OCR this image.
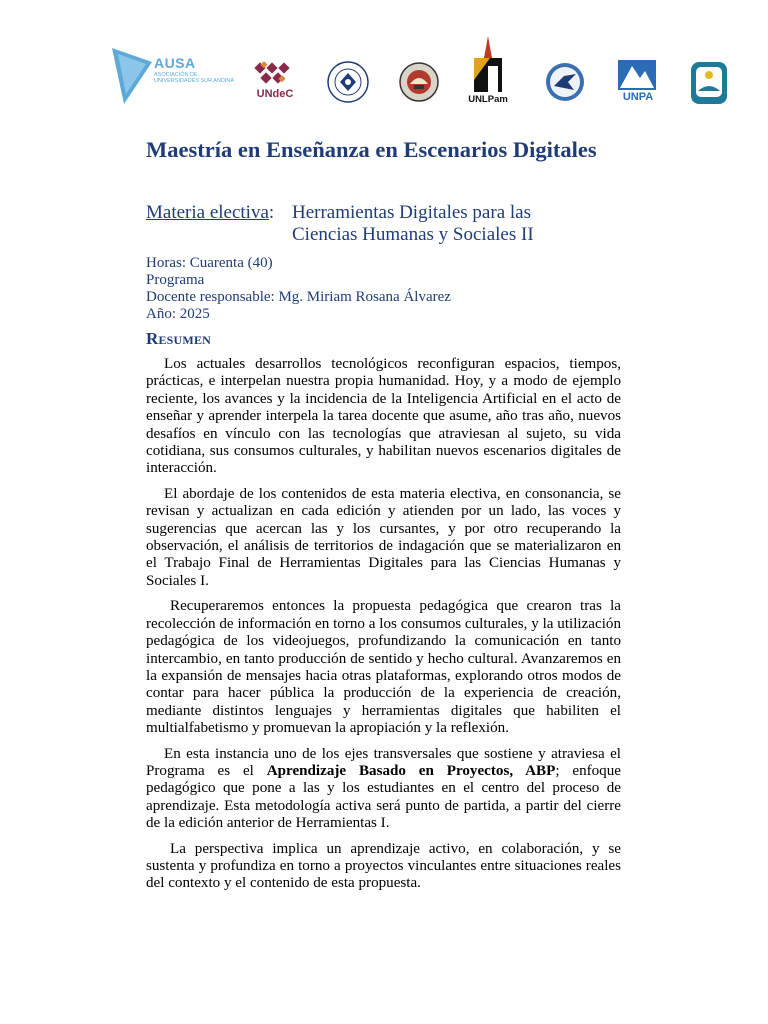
AUSA
ASOCIACIÓN DE UNIVERSIDADES SUR ANDINA
UNdeC	UNLPam	UNPA
Maestría en Enseñanza en Escenarios Digitales
Materia electiva: Herramientas Digitales para las Ciencias Humanas y Sociales II
Horas: Cuarenta (40)
Programa
Docente responsable: Mg. Miriam Rosana Álvarez
Año: 2025
Resumen

Los actuales desarrollos tecnológicos reconfiguran espacios, tiempos, prácticas, e interpelan nuestra propia humanidad. Hoy, y a modo de ejemplo reciente, los avances y la incidencia de la Inteligencia Artificial en el acto de enseñar y aprender interpela la tarea docente que asume, año tras año, nuevos desafíos en vínculo con las tecnologías que atraviesan al sujeto, su vida cotidiana, sus consumos culturales, y habilitan nuevos escenarios digitales de interacción.

El abordaje de los contenidos de esta materia electiva, en consonancia, se revisan y actualizan en cada edición y atienden por un lado, las voces y sugerencias que acercan las y los cursantes, y por otro recuperando la observación, el análisis de territorios de indagación que se materializaron en el Trabajo Final de Herramientas Digitales para las Ciencias Humanas y Sociales I.

Recuperaremos entonces la propuesta pedagógica que crearon tras la recolección de información en torno a los consumos culturales, y la utilización pedagógica de los videojuegos, profundizando la comunicación en tanto intercambio, en tanto producción de sentido y hecho cultural. Avanzaremos en la expansión de mensajes hacia otras plataformas, explorando otros modos de contar para hacer pública la producción de la experiencia de creación, mediante distintos lenguajes y herramientas digitales que habiliten el multialfabetismo y promuevan la apropiación y la reflexión.

En esta instancia uno de los ejes transversales que sostiene y atraviesa el Programa es el Aprendizaje Basado en Proyectos, ABP; enfoque pedagógico que pone a las y los estudiantes en el centro del proceso de aprendizaje. Esta metodología activa será punto de partida, a partir del cierre de la edición anterior de Herramientas I.

La perspectiva implica un aprendizaje activo, en colaboración, y se sustenta y profundiza en torno a proyectos vinculantes entre situaciones reales del contexto y el contenido de esta propuesta.
